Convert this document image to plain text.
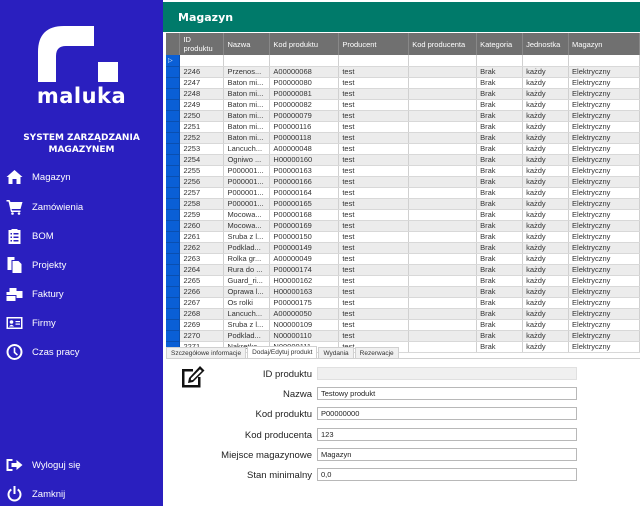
maluka
SYSTEM ZARZĄDZANIA
MAGAZYNEM
Magazyn
Zamówienia
BOM
Projekty
Faktury
Firmy
Czas pracy
Wyloguj się
Zamknij
Magazyn
	ID produktu	Nazwa	Kod produktu	Producent	Kod producenta	Kategoria	Jednostka	Magazyn
▷								
	2246	Przenos...	A00000068	test		Brak	każdy	Elektryczny
	2247	Baton mi...	P00000080	test		Brak	każdy	Elektryczny
	2248	Baton mi...	P00000081	test		Brak	każdy	Elektryczny
	2249	Baton mi...	P00000082	test		Brak	każdy	Elektryczny
	2250	Baton mi...	P00000079	test		Brak	każdy	Elektryczny
	2251	Baton mi...	P00000116	test		Brak	każdy	Elektryczny
	2252	Baton mi...	P00000118	test		Brak	każdy	Elektryczny
	2253	Lancuch...	A00000048	test		Brak	każdy	Elektryczny
	2254	Ogniwo ...	H00000160	test		Brak	każdy	Elektryczny
	2255	P000001...	P00000163	test		Brak	każdy	Elektryczny
	2256	P000001...	P00000166	test		Brak	każdy	Elektryczny
	2257	P000001...	P00000164	test		Brak	każdy	Elektryczny
	2258	P000001...	P00000165	test		Brak	każdy	Elektryczny
	2259	Mocowa...	P00000168	test		Brak	każdy	Elektryczny
	2260	Mocowa...	P00000169	test		Brak	każdy	Elektryczny
	2261	Sruba z l...	P00000150	test		Brak	każdy	Elektryczny
	2262	Podklad...	P00000149	test		Brak	każdy	Elektryczny
	2263	Rolka gr...	A00000049	test		Brak	każdy	Elektryczny
	2264	Rura do ...	P00000174	test		Brak	każdy	Elektryczny
	2265	Guard_ri...	H00000162	test		Brak	każdy	Elektryczny
	2266	Oprawa l...	H00000163	test		Brak	każdy	Elektryczny
	2267	Os rolki	P00000175	test		Brak	każdy	Elektryczny
	2268	Lancuch...	A00000050	test		Brak	każdy	Elektryczny
	2269	Sruba z l...	N00000109	test		Brak	każdy	Elektryczny
	2270	Podklad...	N00000110	test		Brak	każdy	Elektryczny
						Brak	każdy	Elektryczny
Szczegółowe informacje	Dodaj/Edytuj produkt	Wydania	Rezerwacje
ID produktu
Nazwa
Testowy produkt
Kod produktu
P00000000
Kod producenta
123
Miejsce magazynowe
Magazyn
Stan minimalny
0,0
